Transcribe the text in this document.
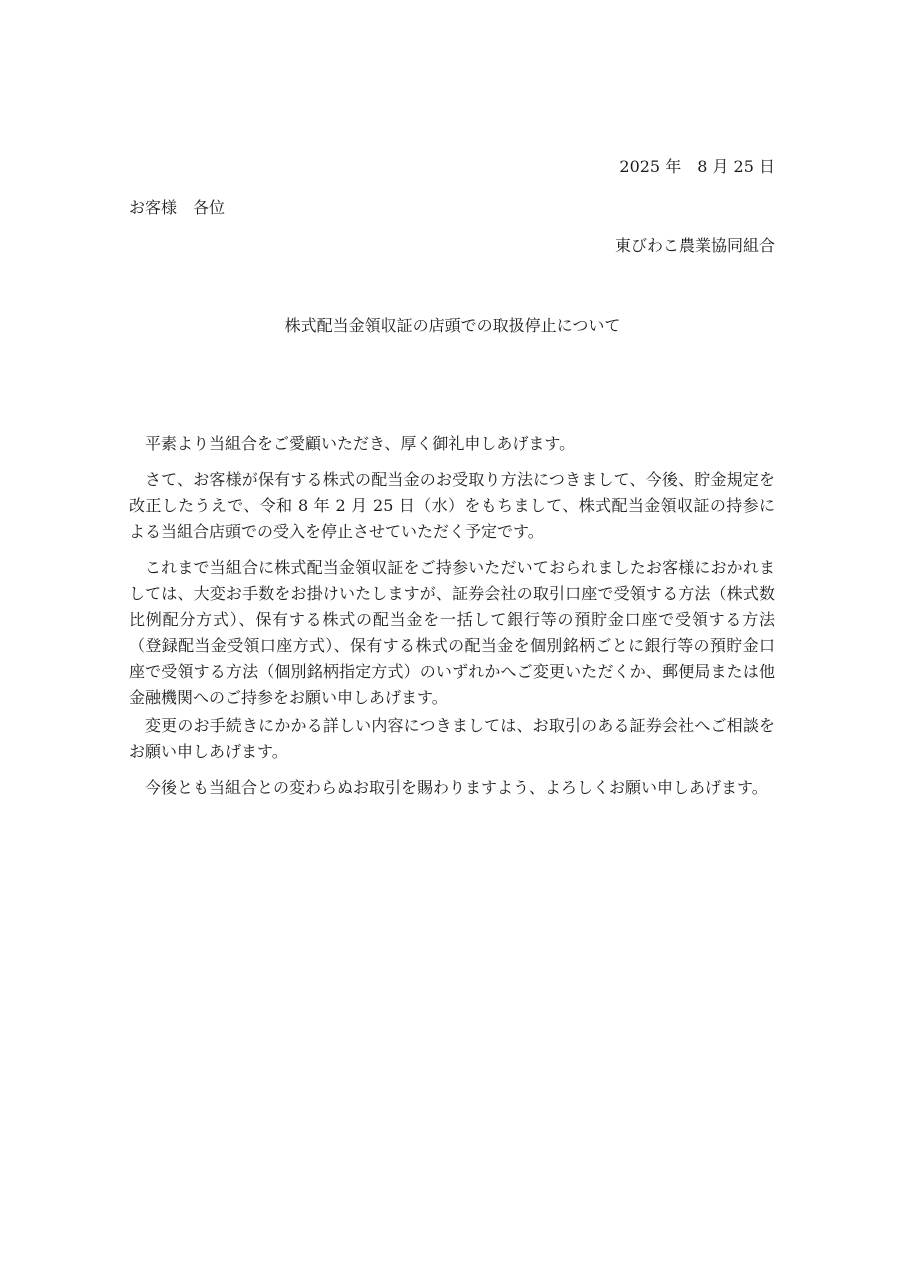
2025 年　8 月 25 日
お客様　各位
東びわこ農業協同組合
株式配当金領収証の店頭での取扱停止について

平素より当組合をご愛顧いただき、厚く御礼申しあげます。

さて、お客様が保有する株式の配当金のお受取り方法につきまして、今後、貯金規定を改正したうえで、令和 8 年 2 月 25 日（水）をもちまして、株式配当金領収証の持参による当組合店頭での受入を停止させていただく予定です。

これまで当組合に株式配当金領収証をご持参いただいておられましたお客様におかれましては、大変お手数をお掛けいたしますが、証券会社の取引口座で受領する方法（株式数比例配分方式）、保有する株式の配当金を一括して銀行等の預貯金口座で受領する方法（登録配当金受領口座方式）、保有する株式の配当金を個別銘柄ごとに銀行等の預貯金口座で受領する方法（個別銘柄指定方式）のいずれかへご変更いただくか、郵便局または他金融機関へのご持参をお願い申しあげます。

変更のお手続きにかかる詳しい内容につきましては、お取引のある証券会社へご相談をお願い申しあげます。

今後とも当組合との変わらぬお取引を賜わりますよう、よろしくお願い申しあげます。
